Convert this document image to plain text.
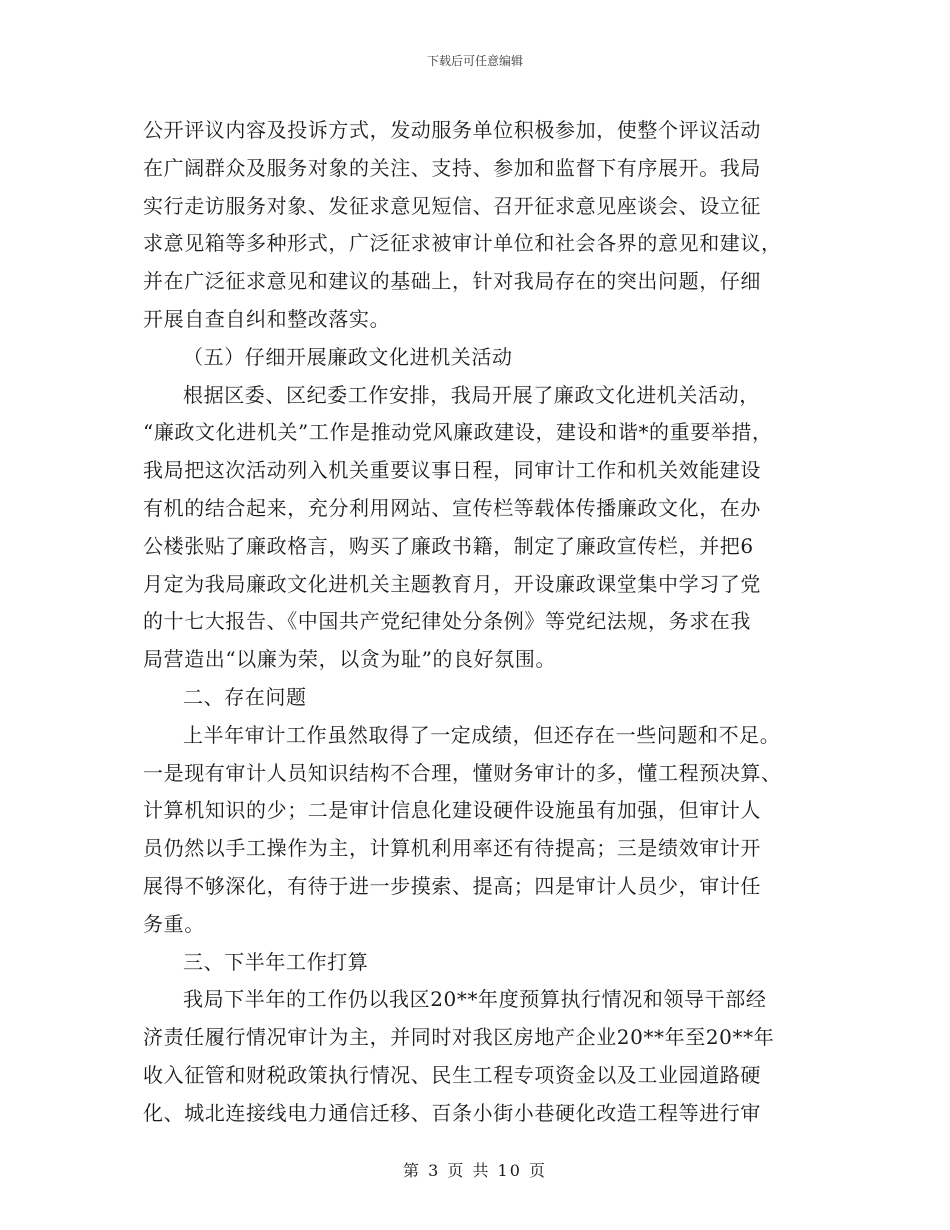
下载后可任意编辑
公开评议内容及投诉方式，发动服务单位积极参加，使整个评议活动
在广阔群众及服务对象的关注、支持、参加和监督下有序展开。我局
实行走访服务对象、发征求意见短信、召开征求意见座谈会、设立征
求意见箱等多种形式，广泛征求被审计单位和社会各界的意见和建议，
并在广泛征求意见和建议的基础上，针对我局存在的突出问题，仔细
开展自查自纠和整改落实。
（五）仔细开展廉政文化进机关活动
根据区委、区纪委工作安排，我局开展了廉政文化进机关活动，
“廉政文化进机关”工作是推动党风廉政建设，建设和谐*的重要举措，
我局把这次活动列入机关重要议事日程，同审计工作和机关效能建设
有机的结合起来，充分利用网站、宣传栏等载体传播廉政文化，在办
公楼张贴了廉政格言，购买了廉政书籍，制定了廉政宣传栏，并把6
月定为我局廉政文化进机关主题教育月，开设廉政课堂集中学习了党
的十七大报告、《中国共产党纪律处分条例》等党纪法规，务求在我
局营造出“以廉为荣，以贪为耻”的良好氛围。
二、存在问题
上半年审计工作虽然取得了一定成绩，但还存在一些问题和不足。
一是现有审计人员知识结构不合理，懂财务审计的多，懂工程预决算、
计算机知识的少；二是审计信息化建设硬件设施虽有加强，但审计人
员仍然以手工操作为主，计算机利用率还有待提高；三是绩效审计开
展得不够深化，有待于进一步摸索、提高；四是审计人员少，审计任
务重。
三、下半年工作打算
我局下半年的工作仍以我区20**年度预算执行情况和领导干部经
济责任履行情况审计为主，并同时对我区房地产企业20**年至20**年
收入征管和财税政策执行情况、民生工程专项资金以及工业园道路硬
化、城北连接线电力通信迁移、百条小街小巷硬化改造工程等进行审
第 3 页 共 10 页
